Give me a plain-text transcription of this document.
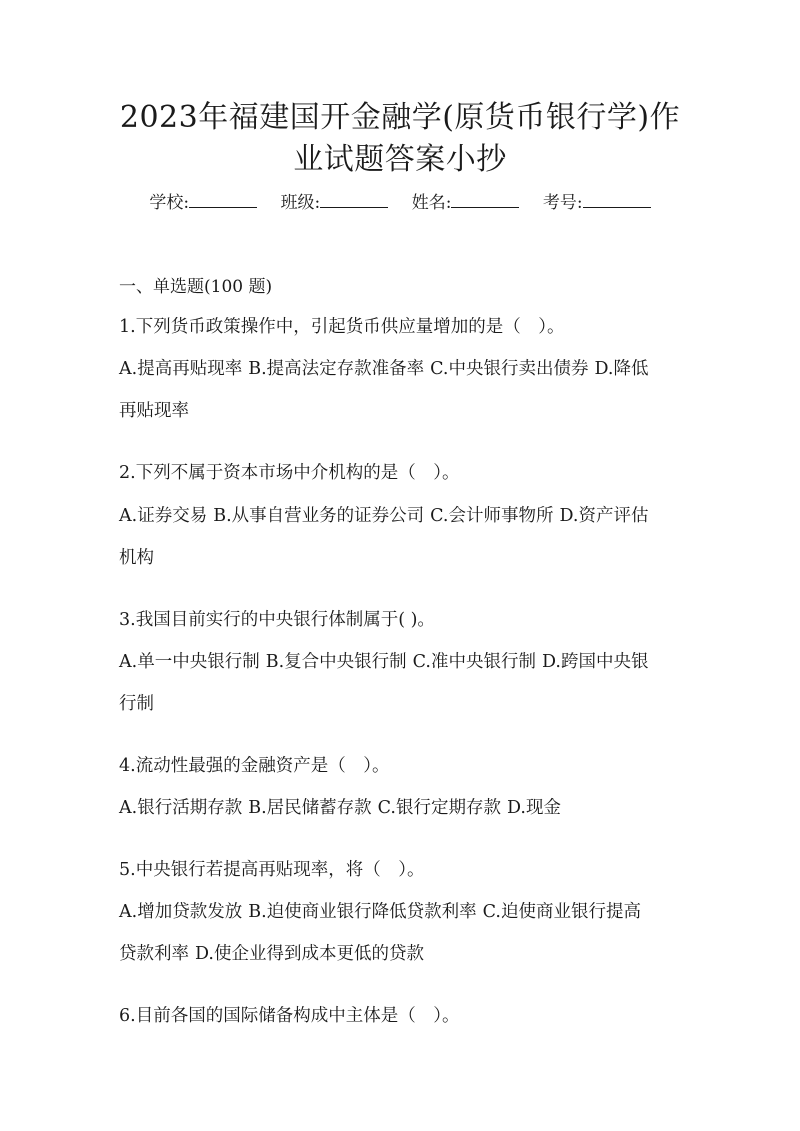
2023年福建国开金融学(原货币银行学)作
业试题答案小抄
学校:	班级:	姓名:	考号:
一、单选题(100 题)

1.下列货币政策操作中，引起货币供应量增加的是（　）。

A.提高再贴现率 B.提高法定存款准备率 C.中央银行卖出债券 D.降低

再贴现率

2.下列不属于资本市场中介机构的是（　）。

A.证券交易 B.从事自营业务的证券公司 C.会计师事物所 D.资产评估

机构

3.我国目前实行的中央银行体制属于( )。

A.单一中央银行制 B.复合中央银行制 C.准中央银行制 D.跨国中央银

行制

4.流动性最强的金融资产是（　）。

A.银行活期存款 B.居民储蓄存款 C.银行定期存款 D.现金

5.中央银行若提高再贴现率，将（　）。

A.增加贷款发放 B.迫使商业银行降低贷款利率 C.迫使商业银行提高

贷款利率 D.使企业得到成本更低的贷款

6.目前各国的国际储备构成中主体是（　）。
